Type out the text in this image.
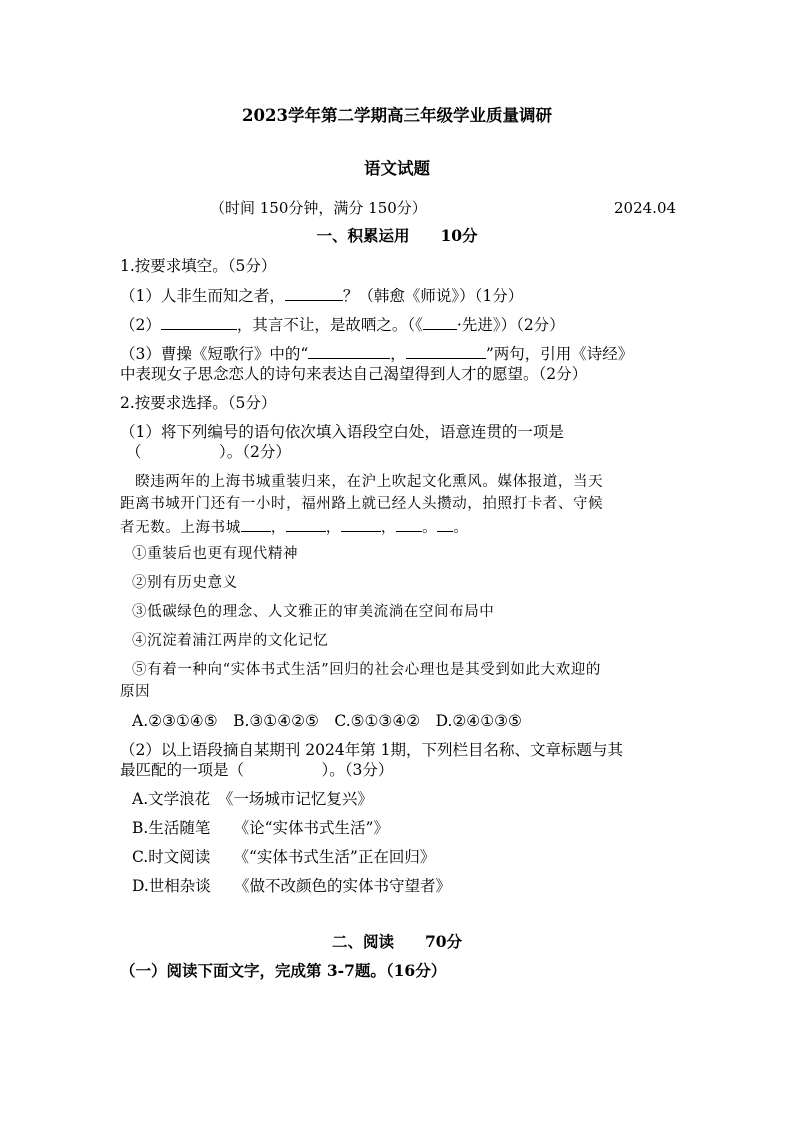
2023学年第二学期高三年级学业质量调研
语文试题
（时间 150分钟，满分 150分）	2024.04
一、积累运用　　10分
1.按要求填空。（5分）
（1）人非生而知之者，	？（韩愈《师说》）（1分）
（2）	，其言不让，是故哂之。（《 ·先进》）（2分）
（3）曹操《短歌行》中的“	，	”两句，引用《诗经》
中表现女子思念恋人的诗句来表达自己渴望得到人才的愿望。（2分）
2.按要求选择。（5分）
（1）将下列编号的语句依次填入语段空白处，语意连贯的一项是
（　　　　　）。（2分）
　睽违两年的上海书城重装归来，在沪上吹起文化熏风。媒体报道，当天
距离书城开门还有一小时，福州路上就已经人头攒动，拍照打卡者、守候
者无数。上海书城 ，	，	， 。 。
①重装后也更有现代精神
②别有历史意义
③低碳绿色的理念、人文雅正的审美流淌在空间布局中
④沉淀着浦江两岸的文化记忆
⑤有着一种向“实体书式生活”回归的社会心理也是其受到如此大欢迎的
原因
A.②③①④⑤　B.③①④②⑤　C.⑤①③④②　D.②④①③⑤
（2）以上语段摘自某期刊 2024年第 1期，下列栏目名称、文章标题与其
最匹配的一项是（　　　　　）。（3分）
A.文学浪花　《一场城市记忆复兴》
B.生活随笔　　《论“实体书式生活”》
C.时文阅读　　《“实体书式生活”正在回归》
D.世相杂谈　　《做不改颜色的实体书守望者》
二、阅读　　70分
（一）阅读下面文字，完成第 3-7题。（16分）
